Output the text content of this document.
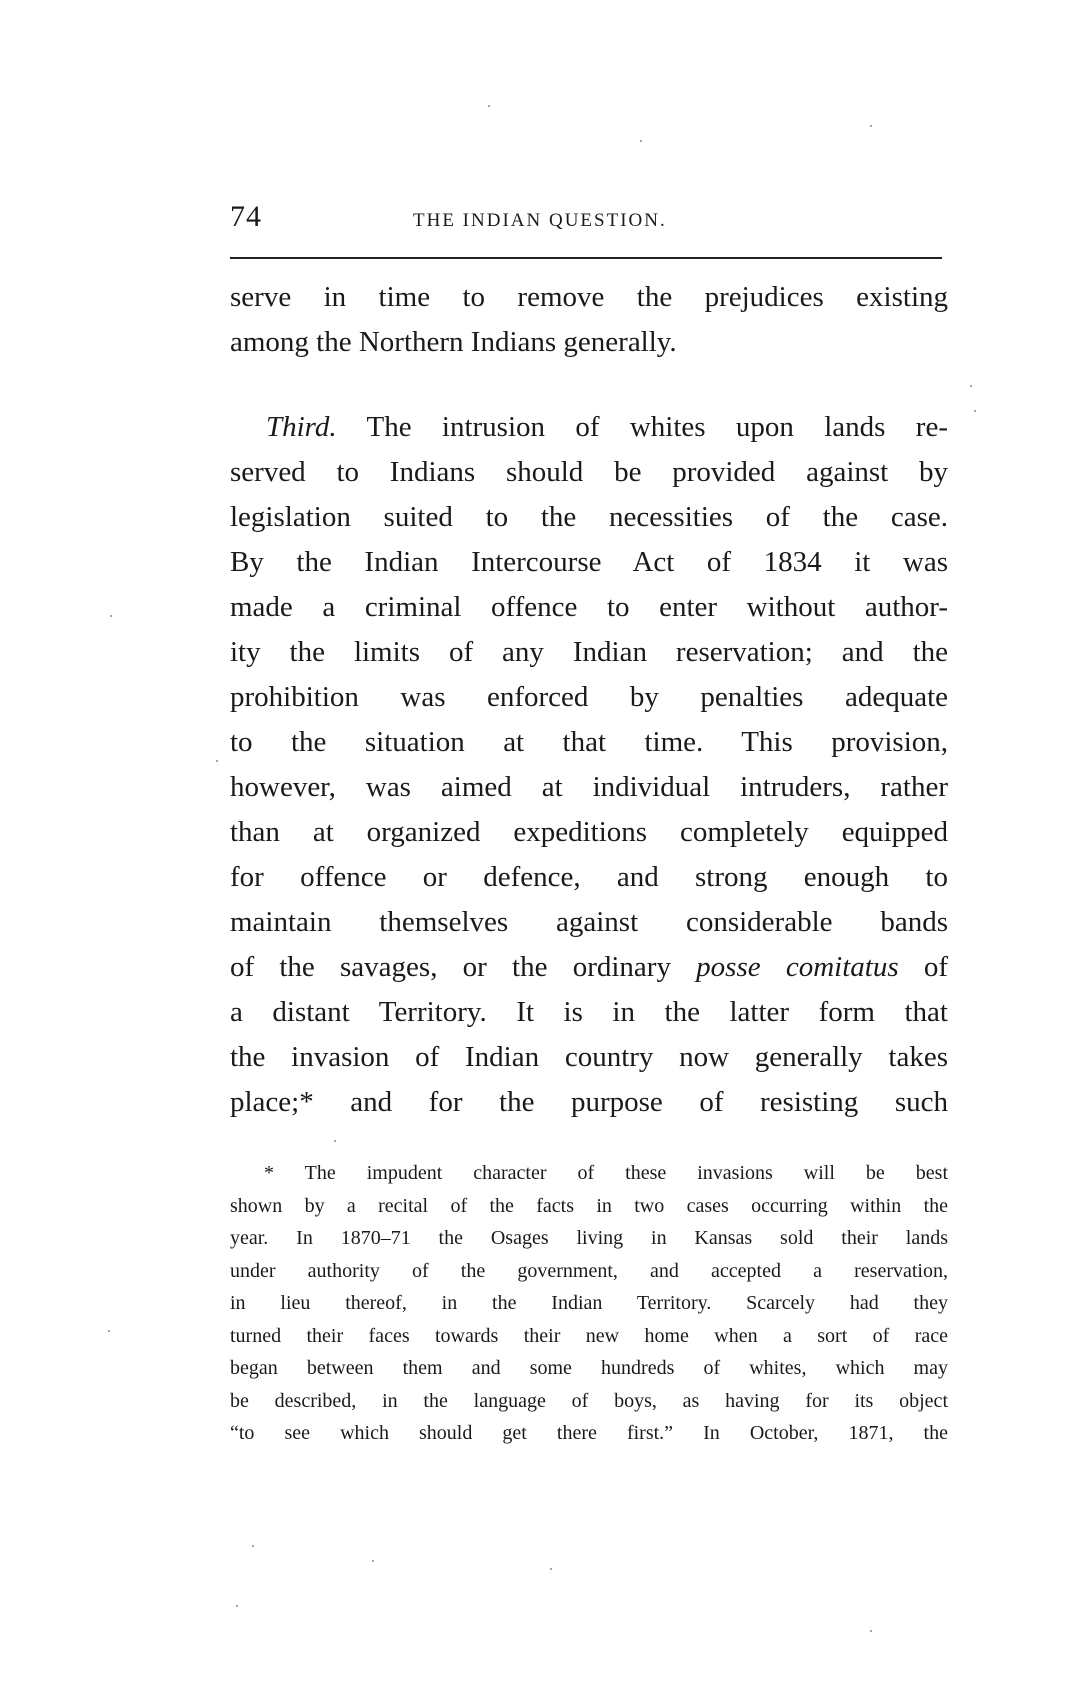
74	THE INDIAN QUESTION.
serve in time to remove the prejudices existing
among the Northern Indians generally.
Third. The intrusion of whites upon lands re-
served to Indians should be provided against by
legislation suited to the necessities of the case.
By the Indian Intercourse Act of 1834 it was
made a criminal offence to enter without author-
ity the limits of any Indian reservation; and the
prohibition was enforced by penalties adequate
to the situation at that time. This provision,
however, was aimed at individual intruders, rather
than at organized expeditions completely equipped
for offence or defence, and strong enough to
maintain themselves against considerable bands
of the savages, or the ordinary posse comitatus of
a distant Territory. It is in the latter form that
the invasion of Indian country now generally takes
place;* and for the purpose of resisting such
* The impudent character of these invasions will be best
shown by a recital of the facts in two cases occurring within the
year. In 1870–71 the Osages living in Kansas sold their lands
under authority of the government, and accepted a reservation,
in lieu thereof, in the Indian Territory. Scarcely had they
turned their faces towards their new home when a sort of race
began between them and some hundreds of whites, which may
be described, in the language of boys, as having for its object
“to see which should get there first.” In October, 1871, the
